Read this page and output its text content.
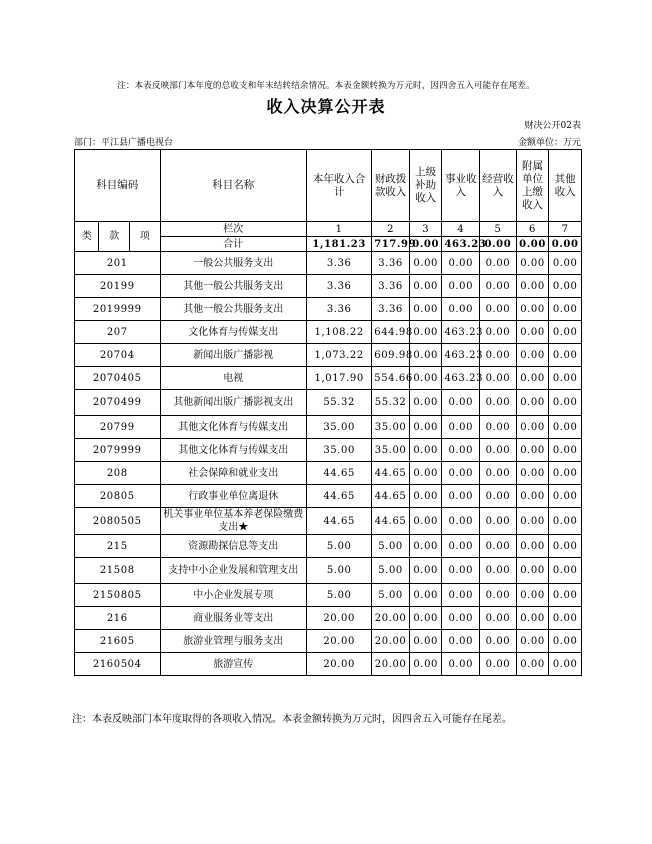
注：本表反映部门本年度的总收支和年末结转结余情况。本表金额转换为万元时，因四舍五入可能存在尾差。
收入决算公开表
财决公开02表
部门：平江县广播电视台	金额单位：万元
科目编码			科目名称	本年收入合计	财政拨款收入	上级补助收入	事业收入	经营收入	附属单位上缴收入	其他收入
类	款	项	栏次	1	2	3	4	5	6	7
			合计	1,181.23	717.99	0.00	463.23	0.00	0.00	0.00
201			一般公共服务支出	3.36	3.36	0.00	0.00	0.00	0.00	0.00
20199			其他一般公共服务支出	3.36	3.36	0.00	0.00	0.00	0.00	0.00
2019999			其他一般公共服务支出	3.36	3.36	0.00	0.00	0.00	0.00	0.00
207			文化体育与传媒支出	1,108.22	644.98	0.00	463.23	0.00	0.00	0.00
20704			新闻出版广播影视	1,073.22	609.98	0.00	463.23	0.00	0.00	0.00
2070405			电视	1,017.90	554.66	0.00	463.23	0.00	0.00	0.00
2070499			其他新闻出版广播影视支出	55.32	55.32	0.00	0.00	0.00	0.00	0.00
20799			其他文化体育与传媒支出	35.00	35.00	0.00	0.00	0.00	0.00	0.00
2079999			其他文化体育与传媒支出	35.00	35.00	0.00	0.00	0.00	0.00	0.00
208			社会保障和就业支出	44.65	44.65	0.00	0.00	0.00	0.00	0.00
20805			行政事业单位离退休	44.65	44.65	0.00	0.00	0.00	0.00	0.00
2080505			机关事业单位基本养老保险缴费支出★	44.65	44.65	0.00	0.00	0.00	0.00	0.00
215			资源勘探信息等支出	5.00	5.00	0.00	0.00	0.00	0.00	0.00
21508			支持中小企业发展和管理支出	5.00	5.00	0.00	0.00	0.00	0.00	0.00
2150805			中小企业发展专项	5.00	5.00	0.00	0.00	0.00	0.00	0.00
216			商业服务业等支出	20.00	20.00	0.00	0.00	0.00	0.00	0.00
21605			旅游业管理与服务支出	20.00	20.00	0.00	0.00	0.00	0.00	0.00
2160504			旅游宣传	20.00	20.00	0.00	0.00	0.00	0.00	0.00
注：本表反映部门本年度取得的各项收入情况。本表金额转换为万元时，因四舍五入可能存在尾差。
